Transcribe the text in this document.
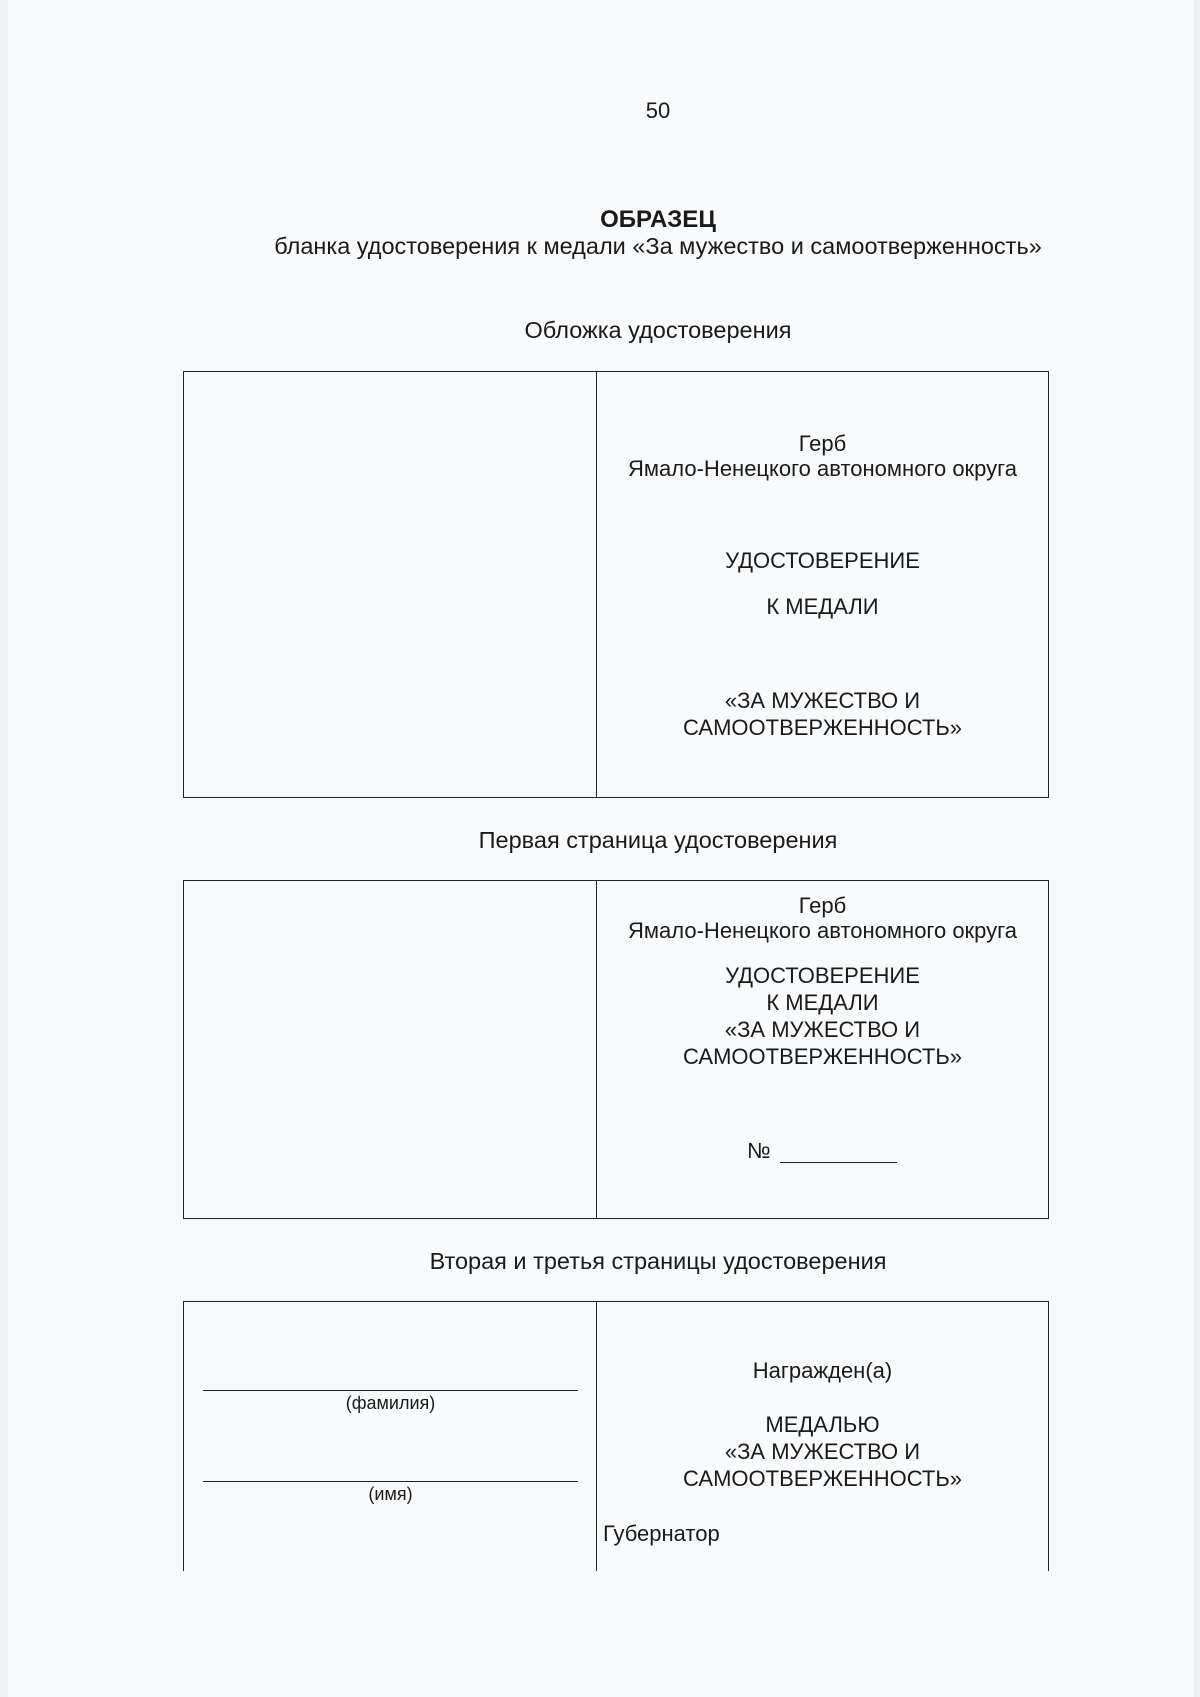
50
ОБРАЗЕЦ
бланка удостоверения к медали «За мужество и самоотверженность»
Обложка удостоверения
Герб
Ямало-Ненецкого автономного округа
УДОСТОВЕРЕНИЕ
К МЕДАЛИ
«ЗА МУЖЕСТВО И
САМООТВЕРЖЕННОСТЬ»
Первая страница удостоверения
Герб
Ямало-Ненецкого автономного округа
УДОСТОВЕРЕНИЕ
К МЕДАЛИ
«ЗА МУЖЕСТВО И
САМООТВЕРЖЕННОСТЬ»
№
Вторая и третья страницы удостоверения
(фамилия)
(имя)
Награжден(а)
МЕДАЛЬЮ
«ЗА МУЖЕСТВО И
САМООТВЕРЖЕННОСТЬ»
Губернатор
